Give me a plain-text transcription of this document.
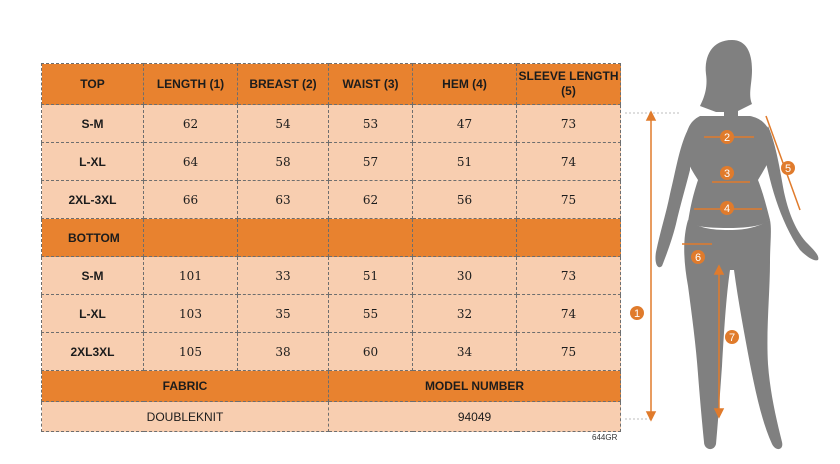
TOP	LENGTH (1)	BREAST (2)	WAIST (3)	HEM (4)	SLEEVE LENGTH (5)
S-M	62	54	53	47	73
L-XL	64	58	57	51	74
2XL-3XL	66	63	62	56	75
BOTTOM					
S-M	101	33	51	30	73
L-XL	103	35	55	32	74
2XL3XL	105	38	60	34	75
FABRIC			MODEL NUMBER		
DOUBLEKNIT			94049		
644GR
1
2
3
4
5
6
7
